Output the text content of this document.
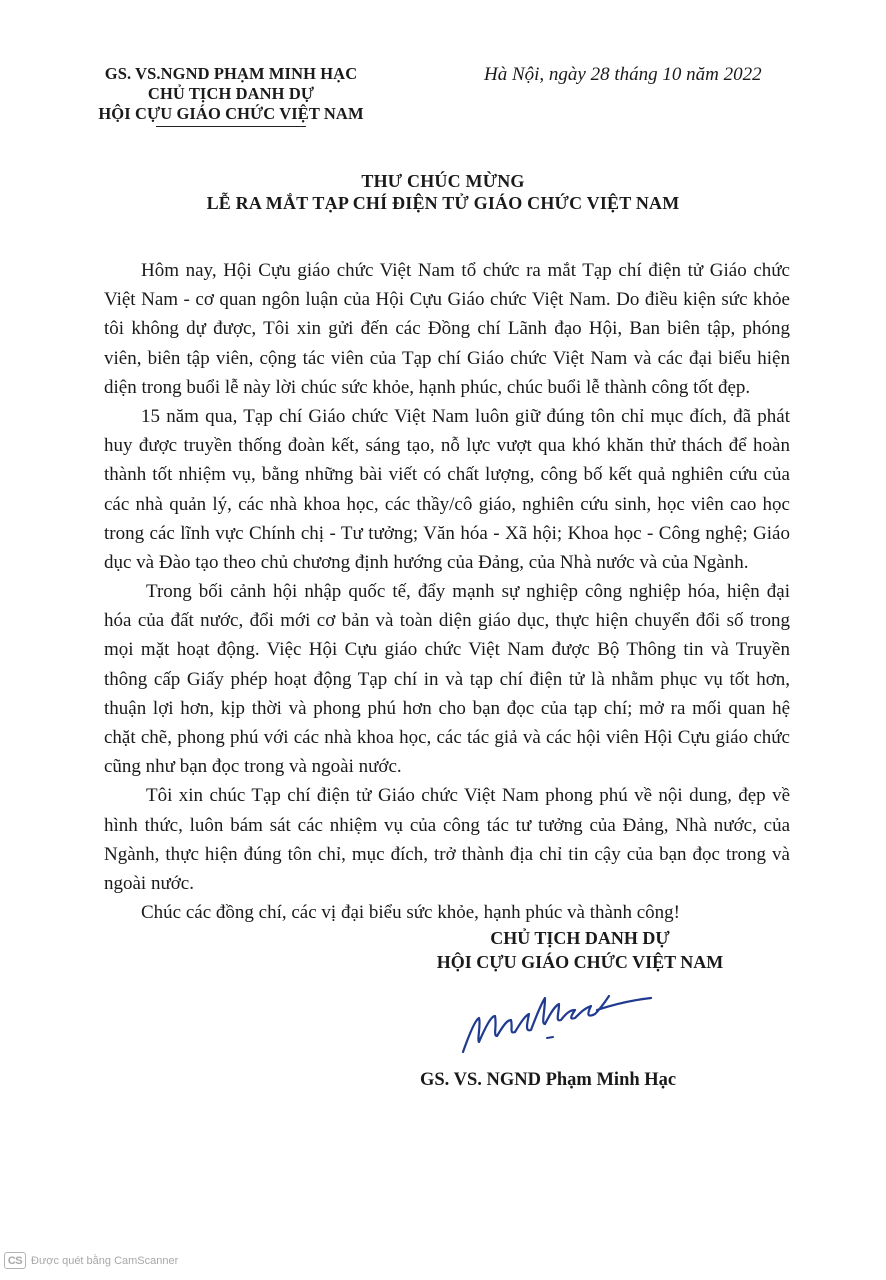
GS. VS.NGND PHẠM MINH HẠC
CHỦ TỊCH DANH DỰ
HỘI CỰU GIÁO CHỨC VIỆT NAM
Hà Nội, ngày 28 tháng 10 năm 2022
THƯ CHÚC MỪNG
LỄ RA MẮT TẠP CHÍ ĐIỆN TỬ GIÁO CHỨC VIỆT NAM
Hôm nay, Hội Cựu giáo chức Việt Nam tổ chức ra mắt Tạp chí điện tử Giáo chức
Việt Nam - cơ quan ngôn luận của Hội Cựu Giáo chức Việt Nam. Do điều kiện sức khỏe
tôi không dự được, Tôi xin gửi đến các Đồng chí Lãnh đạo Hội, Ban biên tập, phóng
viên, biên tập viên, cộng tác viên của Tạp chí Giáo chức Việt Nam và các đại biểu hiện
diện trong buổi lễ này lời chúc sức khỏe, hạnh phúc, chúc buổi lễ thành công tốt đẹp.
15 năm qua, Tạp chí Giáo chức Việt Nam luôn giữ đúng tôn chỉ mục đích, đã phát
huy được truyền thống đoàn kết, sáng tạo, nỗ lực vượt qua khó khăn thử thách để hoàn
thành tốt nhiệm vụ, bằng những bài viết có chất lượng, công bố kết quả nghiên cứu của
các nhà quản lý, các nhà khoa học, các thầy/cô giáo, nghiên cứu sinh, học viên cao học
trong các lĩnh vực Chính chị - Tư tưởng; Văn hóa - Xã hội; Khoa học - Công nghệ; Giáo
dục và Đào tạo theo chủ chương định hướng của Đảng, của Nhà nước và của Ngành.
Trong bối cảnh hội nhập quốc tế, đẩy mạnh sự nghiệp công nghiệp hóa, hiện đại
hóa của đất nước, đổi mới cơ bản và toàn diện giáo dục, thực hiện chuyển đổi số trong
mọi mặt hoạt động. Việc Hội Cựu giáo chức Việt Nam được Bộ Thông tin và Truyền
thông cấp Giấy phép hoạt động Tạp chí in và tạp chí điện tử là nhằm phục vụ tốt hơn,
thuận lợi hơn, kịp thời và phong phú hơn cho bạn đọc của tạp chí; mở ra mối quan hệ
chặt chẽ, phong phú với các nhà khoa học, các tác giả và các hội viên Hội Cựu giáo chức
cũng như bạn đọc trong và ngoài nước.
Tôi xin chúc Tạp chí điện tử Giáo chức Việt Nam phong phú về nội dung, đẹp về
hình thức, luôn bám sát các nhiệm vụ của công tác tư tưởng của Đảng, Nhà nước, của
Ngành, thực hiện đúng tôn chỉ, mục đích, trở thành địa chỉ tin cậy của bạn đọc trong và
ngoài nước.
Chúc các đồng chí, các vị đại biểu sức khỏe, hạnh phúc và thành công!
CHỦ TỊCH DANH DỰ
HỘI CỰU GIÁO CHỨC VIỆT NAM
GS. VS. NGND Phạm Minh Hạc
CS Được quét bằng CamScanner
